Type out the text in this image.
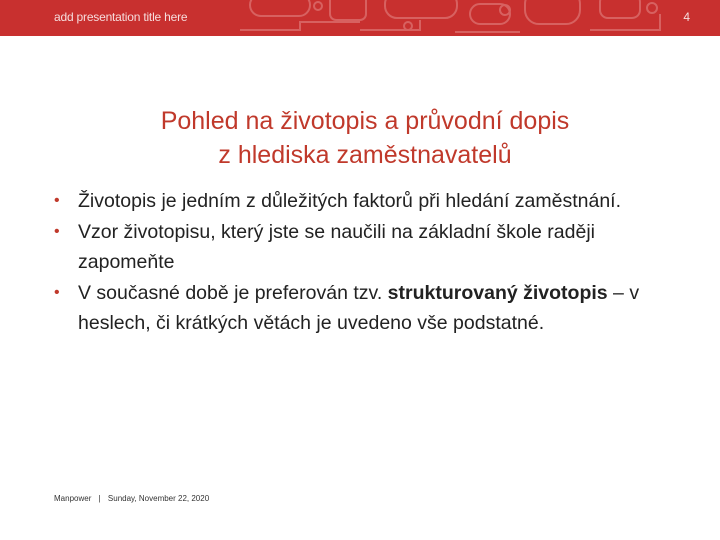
add presentation title here	4
Pohled na životopis a průvodní dopis
z hlediska zaměstnavatelů
• Životopis je jedním z důležitých faktorů při hledání zaměstnání.
• Vzor životopisu, který jste se naučili na základní škole raději zapomeňte
• V současné době je preferován tzv. strukturovaný životopis – v heslech, či krátkých větách je uvedeno vše podstatné.
Manpower | Sunday, November 22, 2020
